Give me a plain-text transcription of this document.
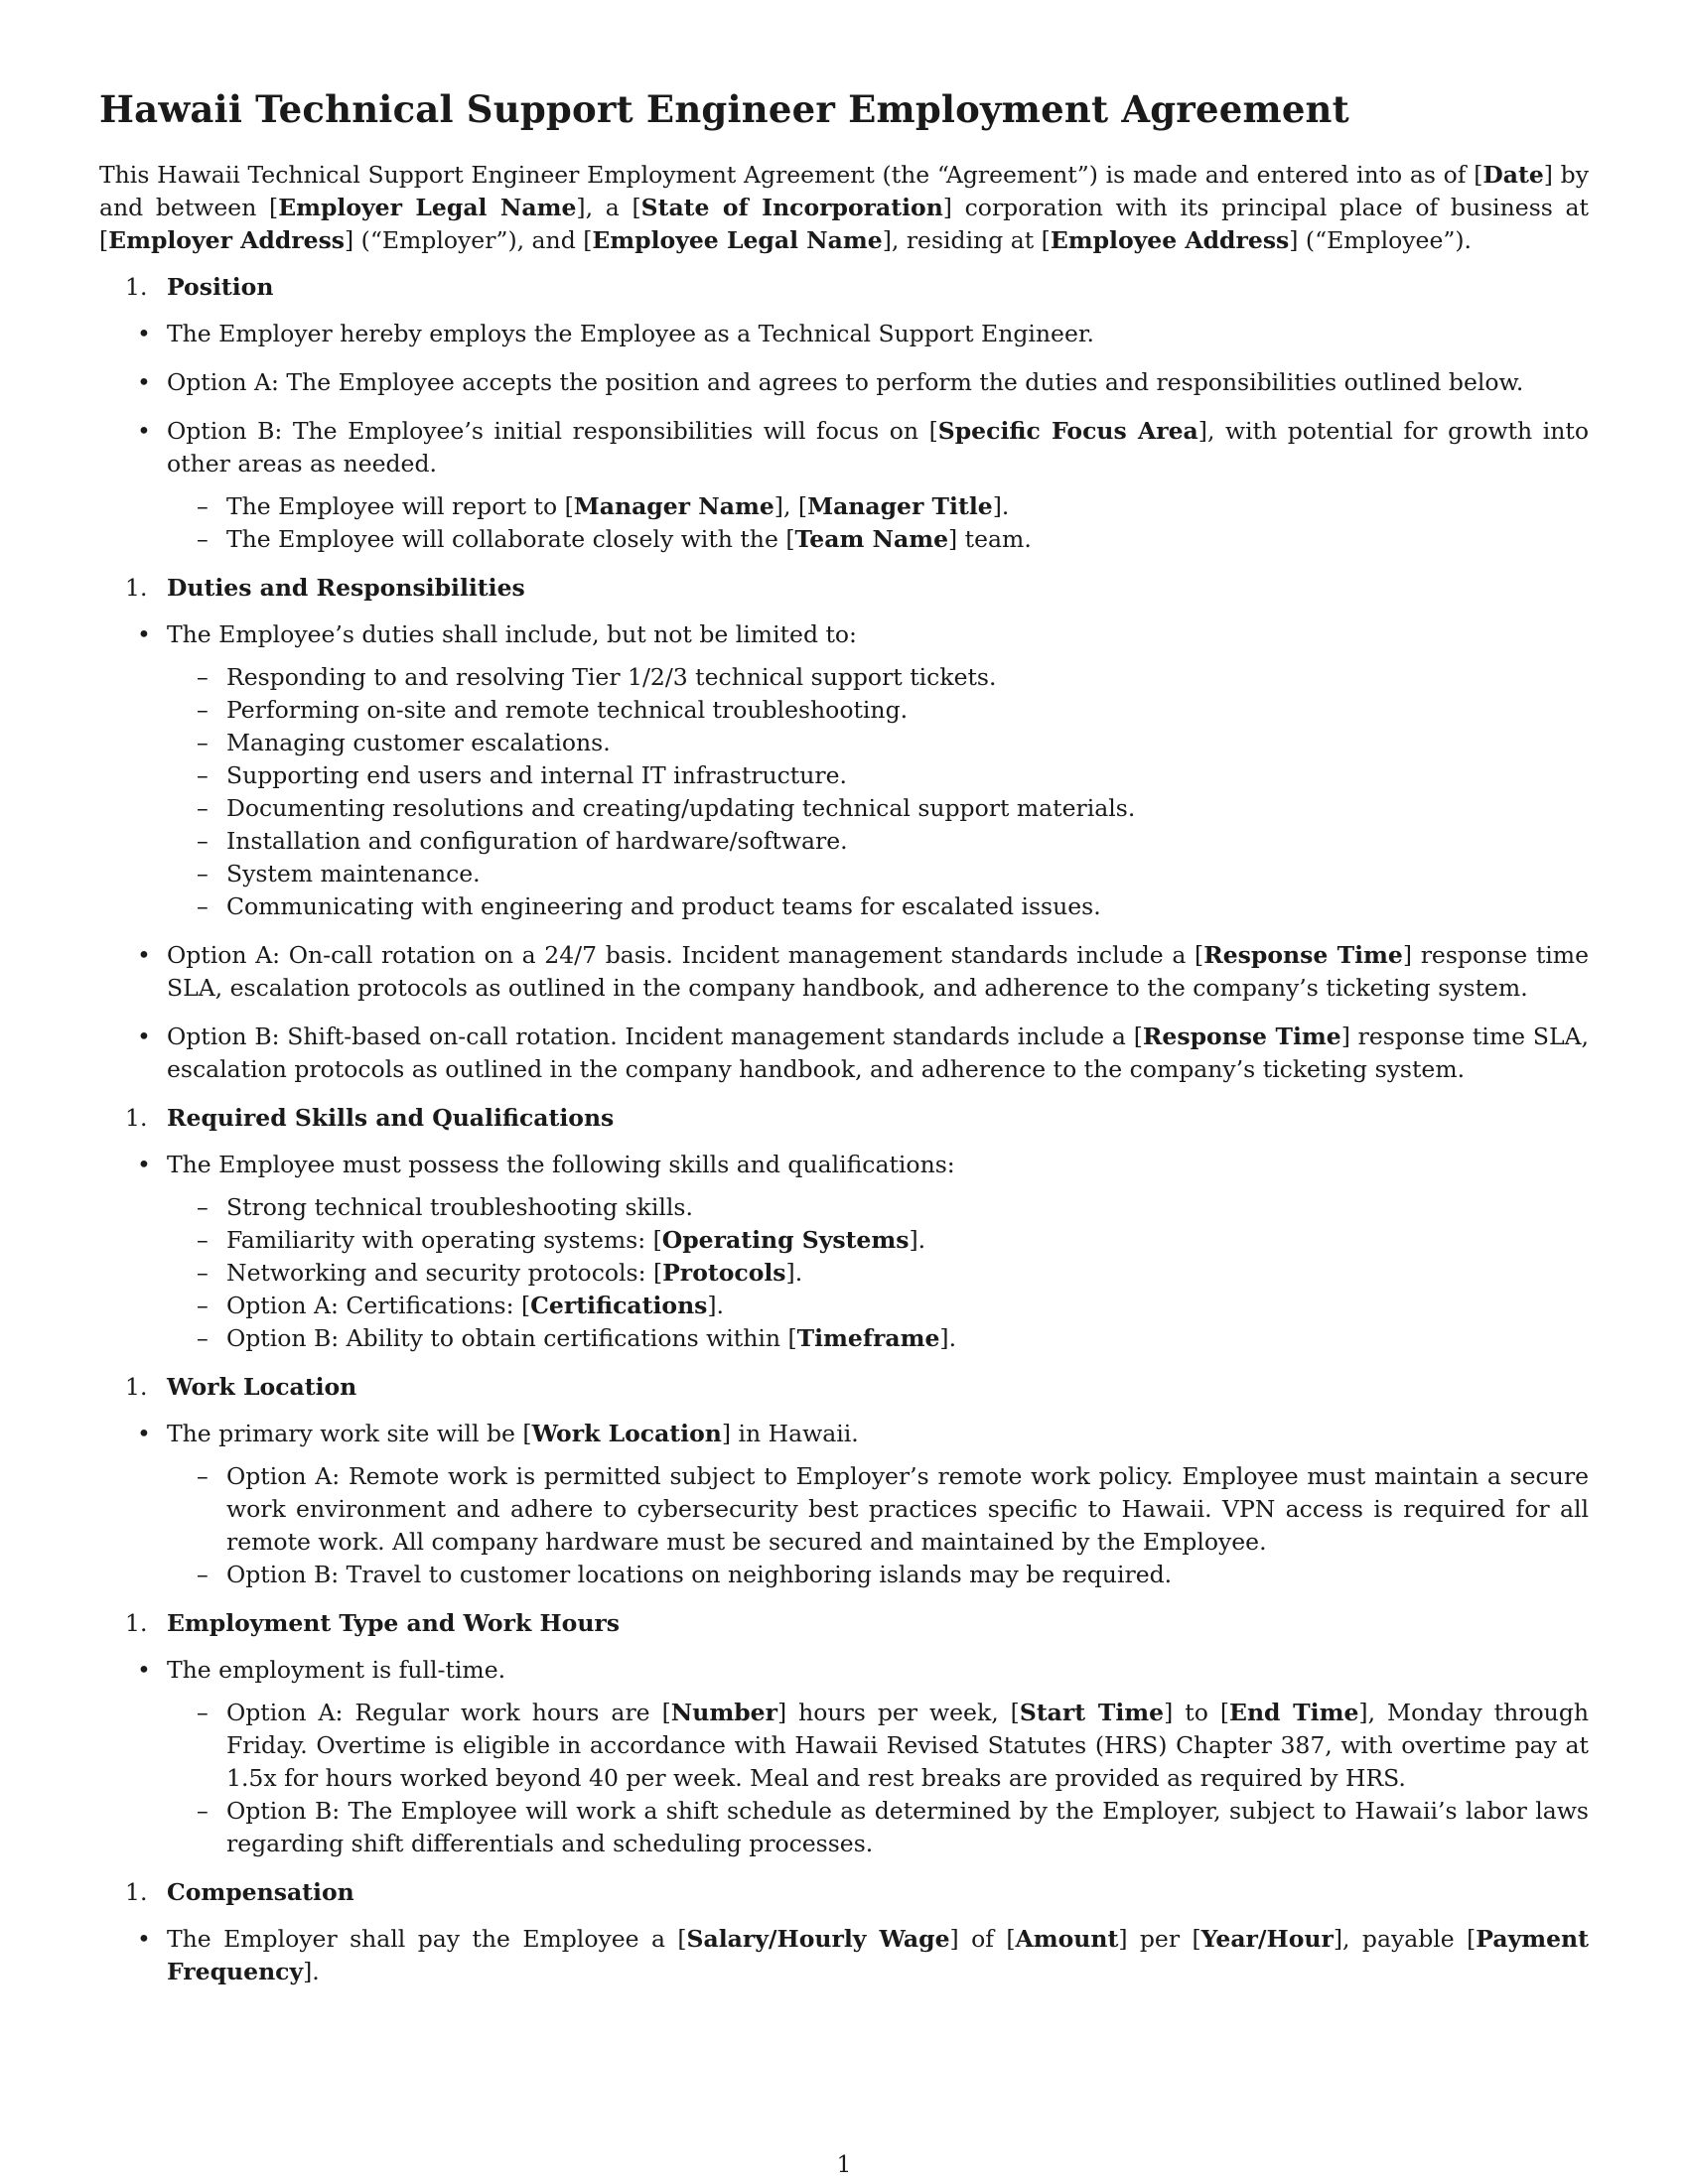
Hawaii Technical Support Engineer Employment Agreement

This Hawaii Technical Support Engineer Employment Agreement (the “Agreement”) is made and entered into as of [Date] by and between [Employer Legal Name], a [State of Incorporation] corporation with its principal place of business at [Employer Address] (“Employer”), and [Employee Legal Name], residing at [Employee Address] (“Employee”).

1. Position
• The Employer hereby employs the Employee as a Technical Support Engineer.
• Option A: The Employee accepts the position and agrees to perform the duties and responsibilities outlined below.
• Option B: The Employee’s initial responsibilities will focus on [Specific Focus Area], with potential for growth into other areas as needed.
– The Employee will report to [Manager Name], [Manager Title].
– The Employee will collaborate closely with the [Team Name] team.
1. Duties and Responsibilities
• The Employee’s duties shall include, but not be limited to:
– Responding to and resolving Tier 1/2/3 technical support tickets.
– Performing on-site and remote technical troubleshooting.
– Managing customer escalations.
– Supporting end users and internal IT infrastructure.
– Documenting resolutions and creating/updating technical support materials.
– Installation and configuration of hardware/software.
– System maintenance.
– Communicating with engineering and product teams for escalated issues.
• Option A: On-call rotation on a 24/7 basis. Incident management standards include a [Response Time] response time SLA, escalation protocols as outlined in the company handbook, and adherence to the company’s ticketing system.
• Option B: Shift-based on-call rotation. Incident management standards include a [Response Time] response time SLA, escalation protocols as outlined in the company handbook, and adherence to the company’s ticketing system.
1. Required Skills and Qualifications
• The Employee must possess the following skills and qualifications:
– Strong technical troubleshooting skills.
– Familiarity with operating systems: [Operating Systems].
– Networking and security protocols: [Protocols].
– Option A: Certifications: [Certifications].
– Option B: Ability to obtain certifications within [Timeframe].
1. Work Location
• The primary work site will be [Work Location] in Hawaii.
– Option A: Remote work is permitted subject to Employer’s remote work policy. Employee must maintain a secure work environment and adhere to cybersecurity best practices specific to Hawaii. VPN access is required for all remote work. All company hardware must be secured and maintained by the Employee.
– Option B: Travel to customer locations on neighboring islands may be required.
1. Employment Type and Work Hours
• The employment is full-time.
– Option A: Regular work hours are [Number] hours per week, [Start Time] to [End Time], Monday through Friday. Overtime is eligible in accordance with Hawaii Revised Statutes (HRS) Chapter 387, with overtime pay at 1.5x for hours worked beyond 40 per week. Meal and rest breaks are provided as required by HRS.
– Option B: The Employee will work a shift schedule as determined by the Employer, subject to Hawaii’s labor laws regarding shift differentials and scheduling processes.
1. Compensation
• The Employer shall pay the Employee a [Salary/Hourly Wage] of [Amount] per [Year/Hour], payable [Payment Frequency].
1
